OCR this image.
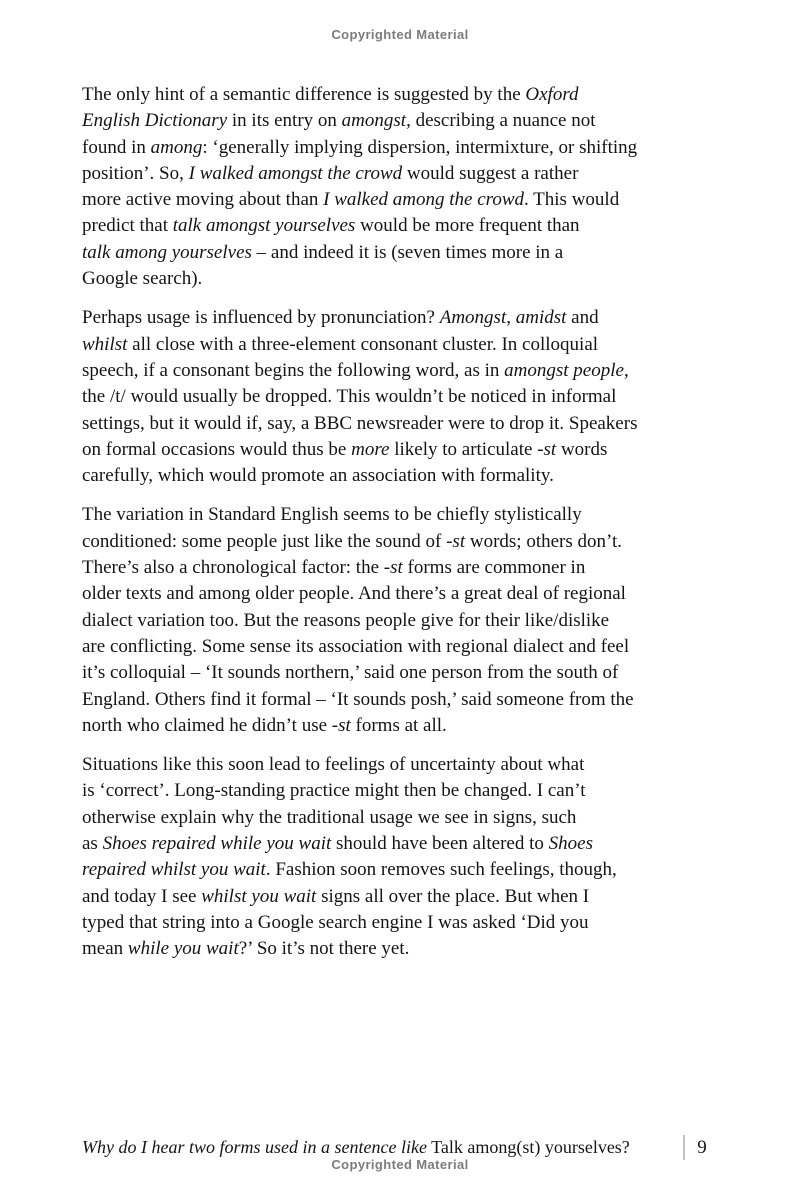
Copyrighted Material
The only hint of a semantic difference is suggested by the Oxford
English Dictionary in its entry on amongst, describing a nuance not
found in among: ‘generally implying dispersion, intermixture, or shifting
position’. So, I walked amongst the crowd would suggest a rather
more active moving about than I walked among the crowd. This would
predict that talk amongst yourselves would be more frequent than
talk among yourselves – and indeed it is (seven times more in a
Google search).
Perhaps usage is influenced by pronunciation? Amongst, amidst and
whilst all close with a three-element consonant cluster. In colloquial
speech, if a consonant begins the following word, as in amongst people,
the /t/ would usually be dropped. This wouldn’t be noticed in informal
settings, but it would if, say, a BBC newsreader were to drop it. Speakers
on formal occasions would thus be more likely to articulate -st words
carefully, which would promote an association with formality.
The variation in Standard English seems to be chiefly stylistically
conditioned: some people just like the sound of -st words; others don’t.
There’s also a chronological factor: the -st forms are commoner in
older texts and among older people. And there’s a great deal of regional
dialect variation too. But the reasons people give for their like/dislike
are conflicting. Some sense its association with regional dialect and feel
it’s colloquial – ‘It sounds northern,’ said one person from the south of
England. Others find it formal – ‘It sounds posh,’ said someone from the
north who claimed he didn’t use -st forms at all.
Situations like this soon lead to feelings of uncertainty about what
is ‘correct’. Long-standing practice might then be changed. I can’t
otherwise explain why the traditional usage we see in signs, such
as Shoes repaired while you wait should have been altered to Shoes
repaired whilst you wait. Fashion soon removes such feelings, though,
and today I see whilst you wait signs all over the place. But when I
typed that string into a Google search engine I was asked ‘Did you
mean while you wait?’ So it’s not there yet.
Why do I hear two forms used in a sentence like Talk among(st) yourselves?	9
Copyrighted Material
